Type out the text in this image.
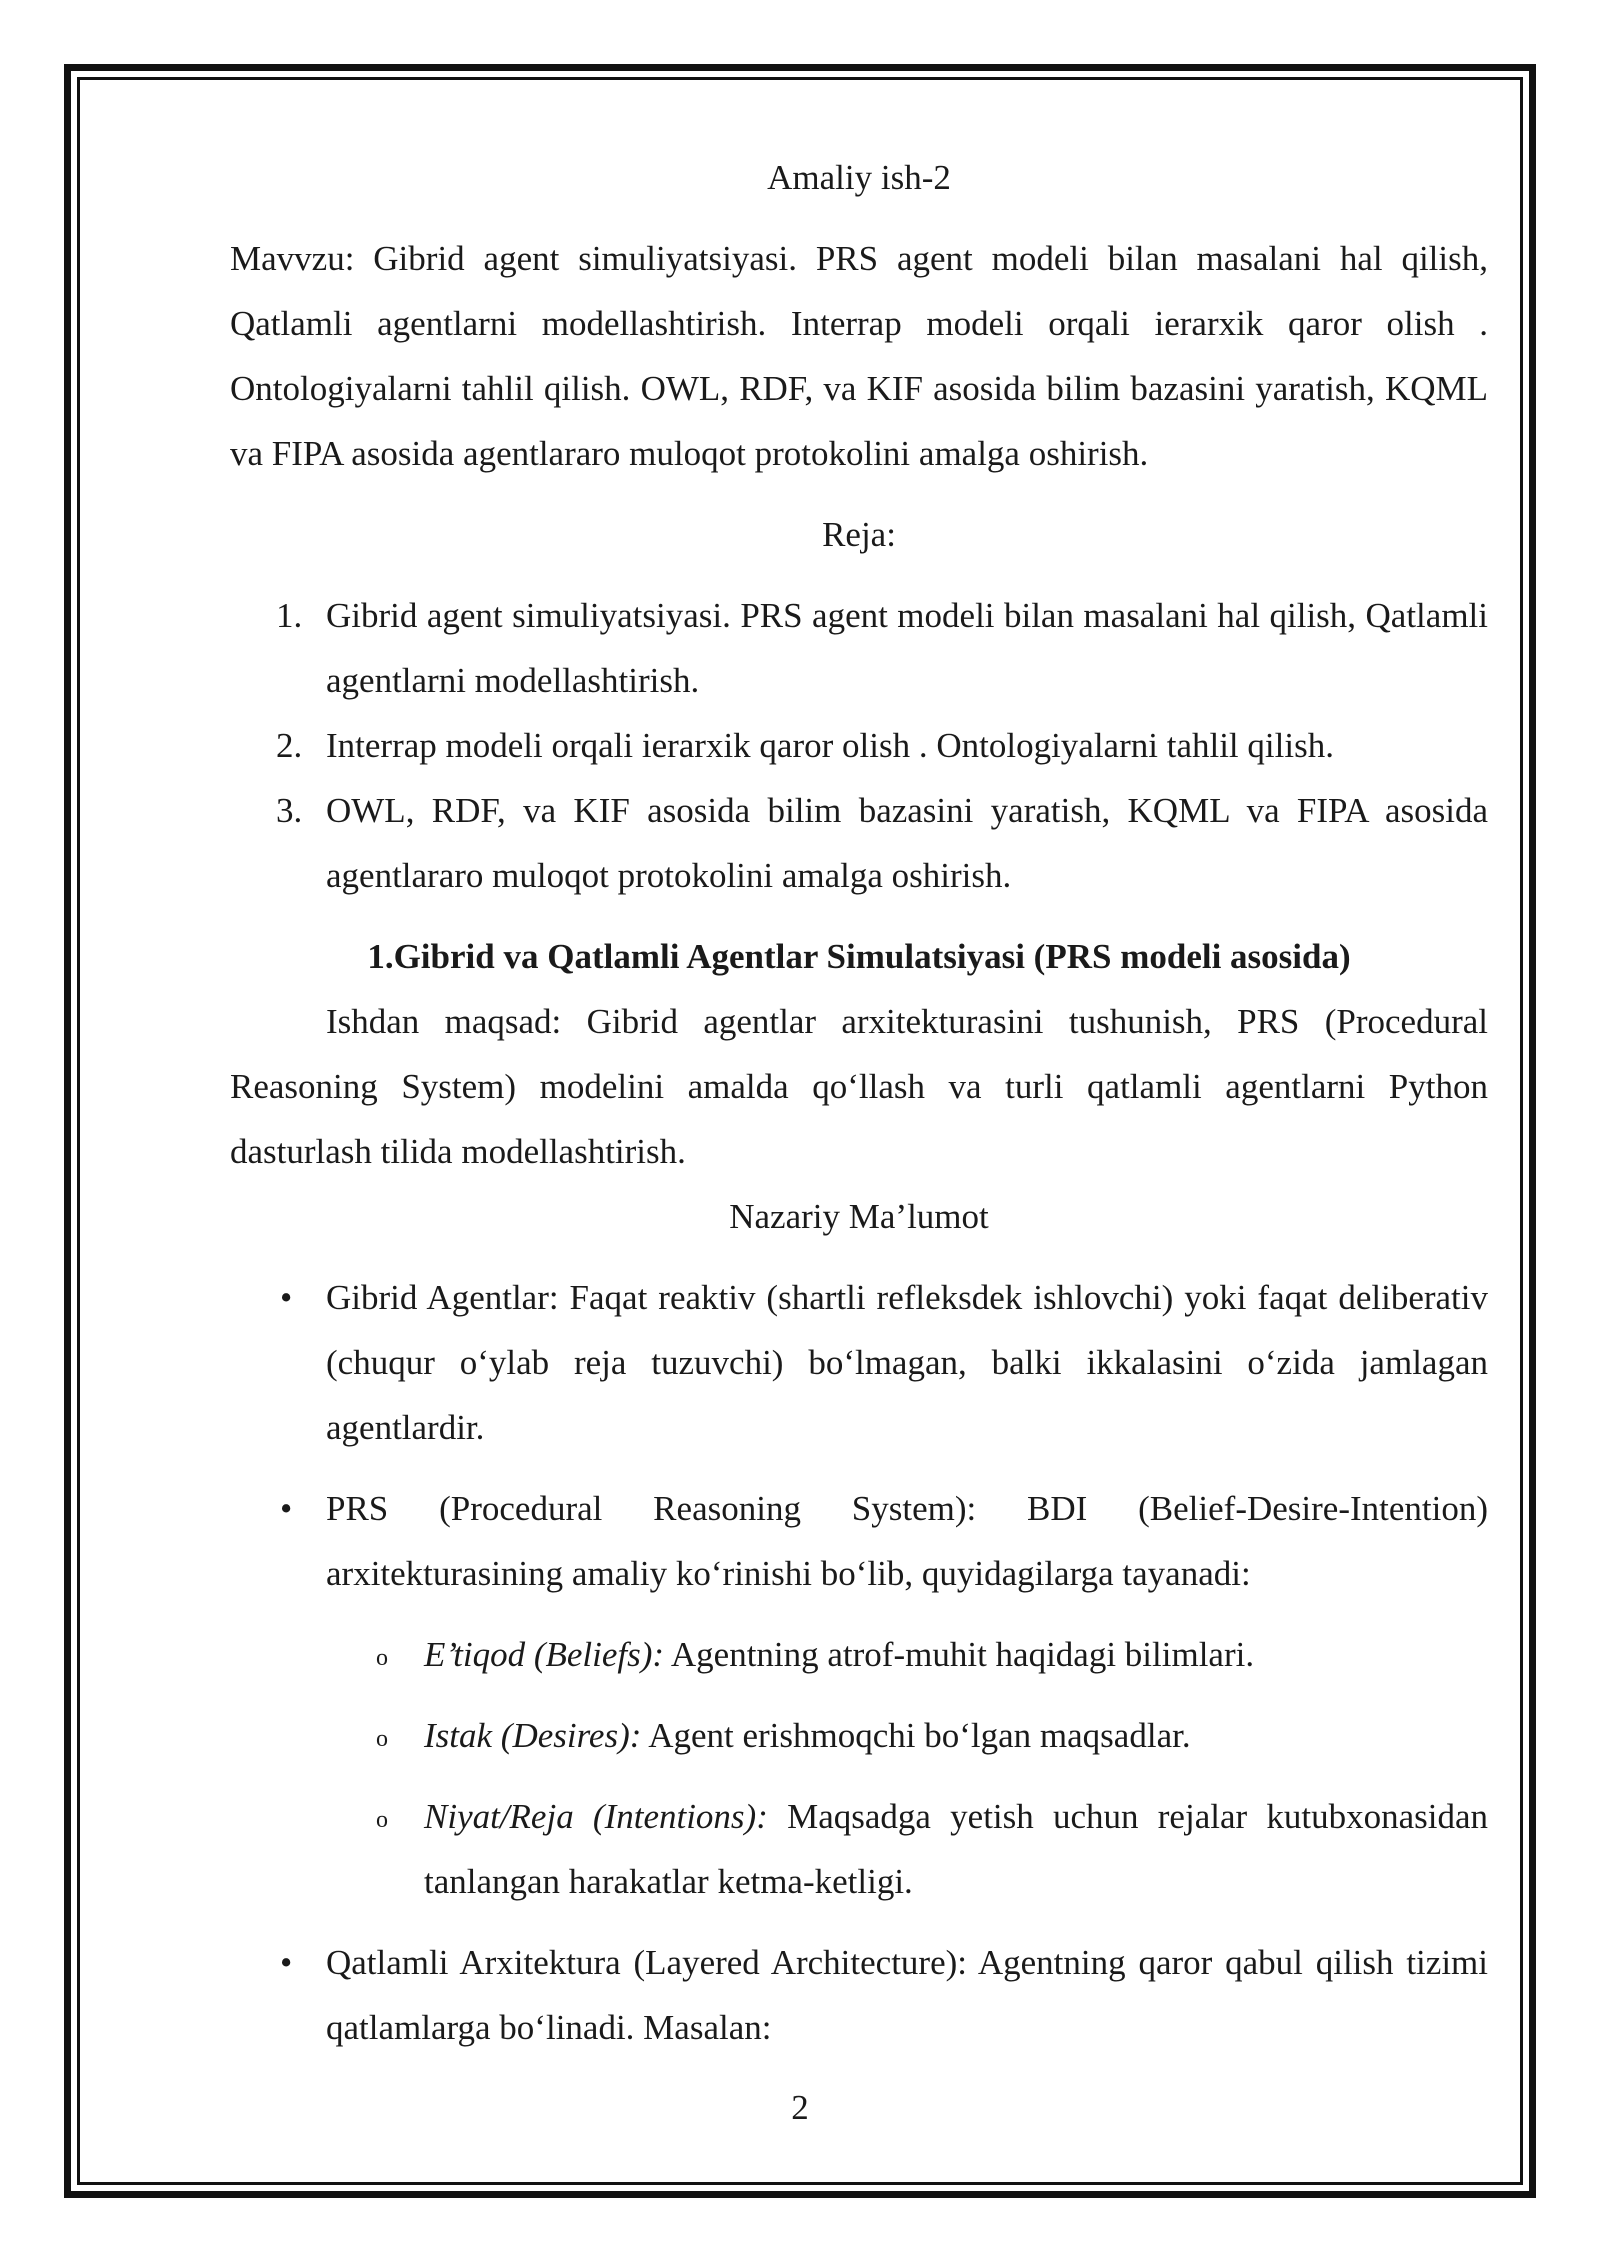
Amaliy ish-2

Mavvzu: Gibrid agent simuliyatsiyasi. PRS agent modeli bilan masalani hal qilish, Qatlamli agentlarni modellashtirish. Interrap modeli orqali ierarxik qaror olish . Ontologiyalarni tahlil qilish. OWL, RDF, va KIF asosida bilim bazasini yaratish, KQML va FIPA asosida agentlararo muloqot protokolini amalga oshirish.

Reja:

1. Gibrid agent simuliyatsiyasi. PRS agent modeli bilan masalani hal qilish, Qatlamli agentlarni modellashtirish.
2. Interrap modeli orqali ierarxik qaror olish . Ontologiyalarni tahlil qilish.
3. OWL, RDF, va KIF asosida bilim bazasini yaratish, KQML va FIPA asosida agentlararo muloqot protokolini amalga oshirish.

1.Gibrid va Qatlamli Agentlar Simulatsiyasi (PRS modeli asosida)

Ishdan maqsad: Gibrid agentlar arxitekturasini tushunish, PRS (Procedural Reasoning System) modelini amalda qo‘llash va turli qatlamli agentlarni Python dasturlash tilida modellashtirish.

Nazariy Ma’lumot

• Gibrid Agentlar: Faqat reaktiv (shartli refleksdek ishlovchi) yoki faqat deliberativ (chuqur o‘ylab reja tuzuvchi) bo‘lmagan, balki ikkalasini o‘zida jamlagan agentlardir.
• PRS (Procedural Reasoning System): BDI (Belief-Desire-Intention) arxitekturasining amaliy ko‘rinishi bo‘lib, quyidagilarga tayanadi:
o E’tiqod (Beliefs): Agentning atrof-muhit haqidagi bilimlari.
o Istak (Desires): Agent erishmoqchi bo‘lgan maqsadlar.
o Niyat/Reja (Intentions): Maqsadga yetish uchun rejalar kutubxonasidan tanlangan harakatlar ketma-ketligi.
• Qatlamli Arxitektura (Layered Architecture): Agentning qaror qabul qilish tizimi qatlamlarga bo‘linadi. Masalan:
2
